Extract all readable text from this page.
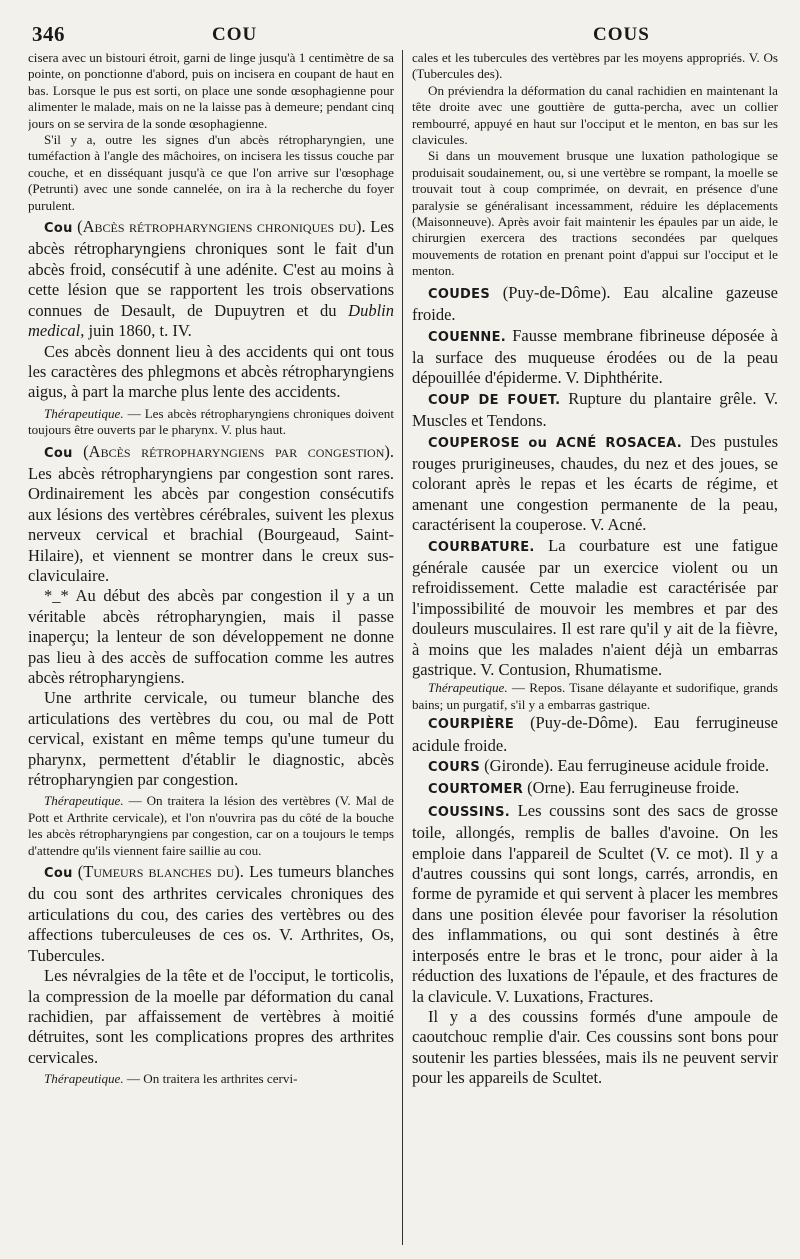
346	COU	COUS

cisera avec un bistouri étroit, garni de linge jusqu'à 1 centimètre de sa pointe, on ponctionne d'abord, puis on incisera en coupant de haut en bas. Lorsque le pus est sorti, on place une sonde œsophagienne pour alimenter le malade, mais on ne la laisse pas à demeure; pendant cinq jours on se servira de la sonde œsophagienne.

S'il y a, outre les signes d'un abcès rétropharyngien, une tuméfaction à l'angle des mâchoires, on incisera les tissus couche par couche, et en disséquant jusqu'à ce que l'on arrive sur l'œsophage (Petrunti) avec une sonde cannelée, on ira à la recherche du foyer purulent.

Cou (Abcès rétropharyngiens chroniques du). Les abcès rétropharyngiens chroniques sont le fait d'un abcès froid, consécutif à une adénite. C'est au moins à cette lésion que se rapportent les trois observations connues de Desault, de Dupuytren et du Dublin medical, juin 1860, t. IV.

Ces abcès donnent lieu à des accidents qui ont tous les caractères des phlegmons et abcès rétropharyngiens aigus, à part la marche plus lente des accidents.

Thérapeutique. — Les abcès rétropharyngiens chroniques doivent toujours être ouverts par le pharynx. V. plus haut.

Cou (Abcès rétropharyngiens par congestion). Les abcès rétropharyngiens par congestion sont rares. Ordinairement les abcès par congestion consécutifs aux lésions des vertèbres cérébrales, suivent les plexus nerveux cervical et brachial (Bourgeaud, Saint-Hilaire), et viennent se montrer dans le creux sus-claviculaire.

*_* Au début des abcès par congestion il y a un véritable abcès rétropharyngien, mais il passe inaperçu; la lenteur de son développement ne donne pas lieu à des accès de suffocation comme les autres abcès rétropharyngiens.

Une arthrite cervicale, ou tumeur blanche des articulations des vertèbres du cou, ou mal de Pott cervical, existant en même temps qu'une tumeur du pharynx, permettent d'établir le diagnostic, abcès rétropharyngien par congestion.

Thérapeutique. — On traitera la lésion des vertèbres (V. Mal de Pott et Arthrite cervicale), et l'on n'ouvrira pas du côté de la bouche les abcès rétropharyngiens par congestion, car on a toujours le temps d'attendre qu'ils viennent faire saillie au cou.

Cou (Tumeurs blanches du). Les tumeurs blanches du cou sont des arthrites cervicales chroniques des articulations du cou, des caries des vertèbres ou des affections tuberculeuses de ces os. V. Arthrites, Os, Tubercules.

Les névralgies de la tête et de l'occiput, le torticolis, la compression de la moelle par déformation du canal rachidien, par affaissement de vertèbres à moitié détruites, sont les complications propres des arthrites cervicales.

Thérapeutique. — On traitera les arthrites cervi-

cales et les tubercules des vertèbres par les moyens appropriés. V. Os (Tubercules des).

On préviendra la déformation du canal rachidien en maintenant la tête droite avec une gouttière de gutta-percha, avec un collier rembourré, appuyé en haut sur l'occiput et le menton, en bas sur les clavicules.

Si dans un mouvement brusque une luxation pathologique se produisait soudainement, ou, si une vertèbre se rompant, la moelle se trouvait tout à coup comprimée, on devrait, en présence d'une paralysie se généralisant incessamment, réduire les déplacements (Maisonneuve). Après avoir fait maintenir les épaules par un aide, le chirurgien exercera des tractions secondées par quelques mouvements de rotation en prenant point d'appui sur l'occiput et le menton.

COUDES (Puy-de-Dôme). Eau alcaline gazeuse froide.

COUENNE. Fausse membrane fibrineuse déposée à la surface des muqueuse érodées ou de la peau dépouillée d'épiderme. V. Diphthérite.

COUP DE FOUET. Rupture du plantaire grêle. V. Muscles et Tendons.

COUPEROSE ou ACNÉ ROSACEA. Des pustules rouges prurigineuses, chaudes, du nez et des joues, se colorant après le repas et les écarts de régime, et amenant une congestion permanente de la peau, caractérisent la couperose. V. Acné.

COURBATURE. La courbature est une fatigue générale causée par un exercice violent ou un refroidissement. Cette maladie est caractérisée par l'impossibilité de mouvoir les membres et par des douleurs musculaires. Il est rare qu'il y ait de la fièvre, à moins que les malades n'aient déjà un embarras gastrique. V. Contusion, Rhumatisme.

Thérapeutique. — Repos. Tisane délayante et sudorifique, grands bains; un purgatif, s'il y a embarras gastrique.

COURPIÈRE (Puy-de-Dôme). Eau ferrugineuse acidule froide.

COURS (Gironde). Eau ferrugineuse acidule froide.

COURTOMER (Orne). Eau ferrugineuse froide.

COUSSINS. Les coussins sont des sacs de grosse toile, allongés, remplis de balles d'avoine. On les emploie dans l'appareil de Scultet (V. ce mot). Il y a d'autres coussins qui sont longs, carrés, arrondis, en forme de pyramide et qui servent à placer les membres dans une position élevée pour favoriser la résolution des inflammations, ou qui sont destinés à être interposés entre le bras et le tronc, pour aider à la réduction des luxations de l'épaule, et des fractures de la clavicule. V. Luxations, Fractures.

Il y a des coussins formés d'une ampoule de caoutchouc remplie d'air. Ces coussins sont bons pour soutenir les parties blessées, mais ils ne peuvent servir pour les appareils de Scultet.
